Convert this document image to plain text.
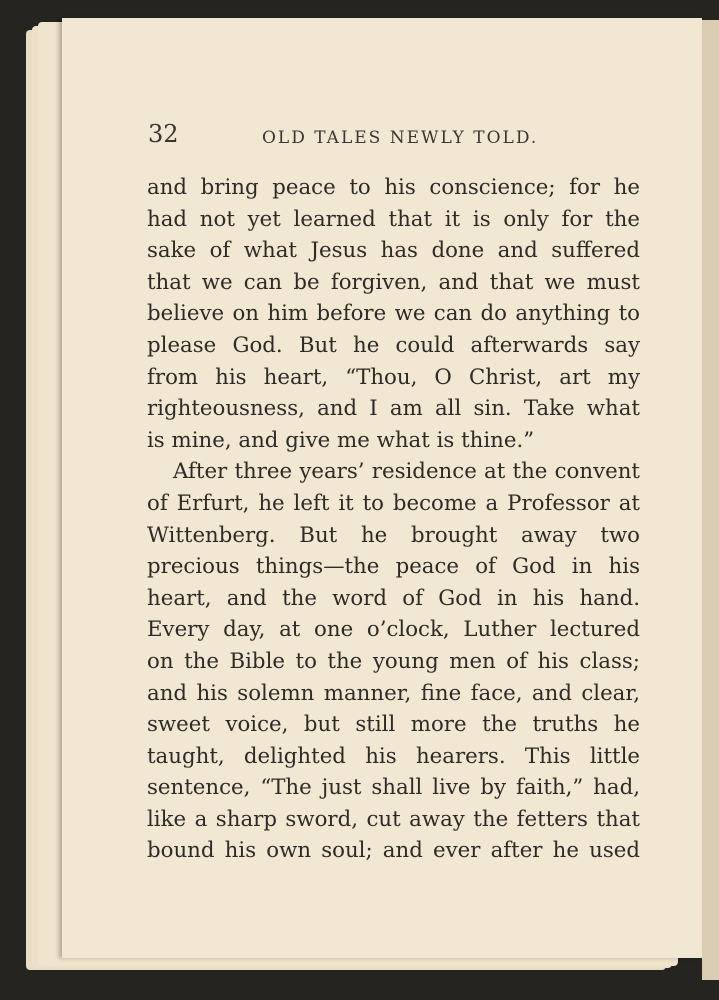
32	OLD TALES NEWLY TOLD.
and bring peace to his conscience; for he
had not yet learned that it is only for the
sake of what Jesus has done and suffered
that we can be forgiven, and that we must
believe on him before we can do anything to
please God. But he could afterwards say
from his heart, “Thou, O Christ, art my
righteousness, and I am all sin. Take what
is mine, and give me what is thine.”
After three years’ residence at the convent
of Erfurt, he left it to become a Professor at
Wittenberg. But he brought away two
precious things—the peace of God in his
heart, and the word of God in his hand.
Every day, at one o’clock, Luther lectured
on the Bible to the young men of his class;
and his solemn manner, fine face, and clear,
sweet voice, but still more the truths he
taught, delighted his hearers. This little
sentence, “The just shall live by faith,” had,
like a sharp sword, cut away the fetters that
bound his own soul; and ever after he used
